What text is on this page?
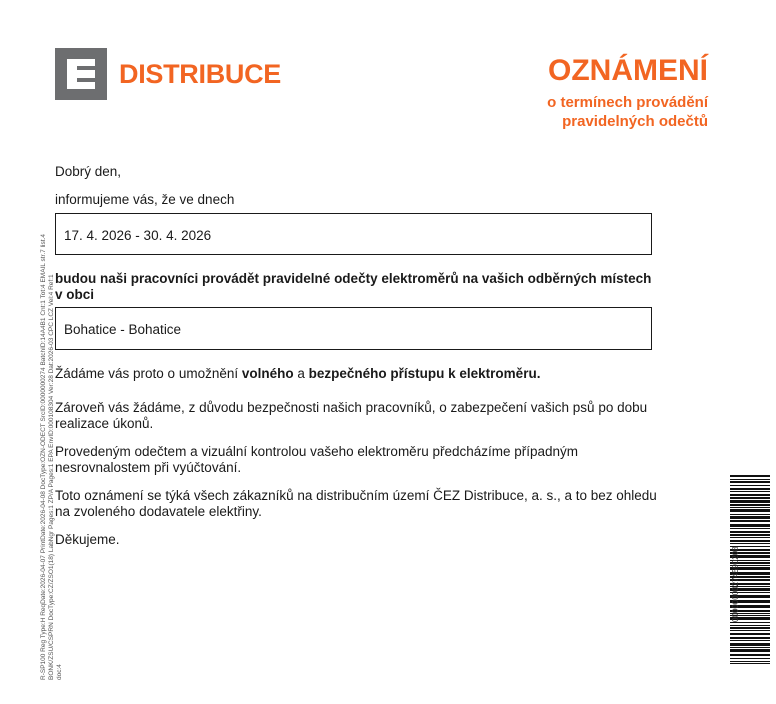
DISTRIBUCE	OZNÁMENÍ
o termínech provádění
pravidelných odečtů
Dobrý den,
informujeme vás, že ve dnech
17. 4. 2026 - 30. 4. 2026
budou naši pracovníci provádět pravidelné odečty elektroměrů na vašich odběrných místech
v obci
Bohatice - Bohatice
Žádáme vás proto o umožnění volného a bezpečného přístupu k elektroměru.
Zároveň vás žádáme, z důvodu bezpečnosti našich pracovníků, o zabezpečení vašich psů po dobu
realizace úkonů.
Provedeným odečtem a vizuální kontrolou vašeho elektroměru předcházíme případným
nesrovnalostem při vyúčtování.
Toto oznámení se týká všech zákazníků na distribučním území ČEZ Distribuce, a. s., a to bez ohledu
na zvoleného dodavatele elektřiny.
Děkujeme.
R-SP100 Reg Type:H ReqDate:2026-04-07 PrintDate:2026-04-08 DocType:OZN-ODECT SrcID:0000000274 BatchID:14A4B1 Cnt:1 Tot:4 EMAIL str.7 list.4 BONK/ZSU/CSPRN DocType:CZ/ZSO1(18) LabNgr Pages:1 ZP/A Pages:1 EPA EnvID:000108304 Ver:28 Dat:2026-03 CPC LCZ Vel:4 Ref:1 doc:4
00000000274590208
